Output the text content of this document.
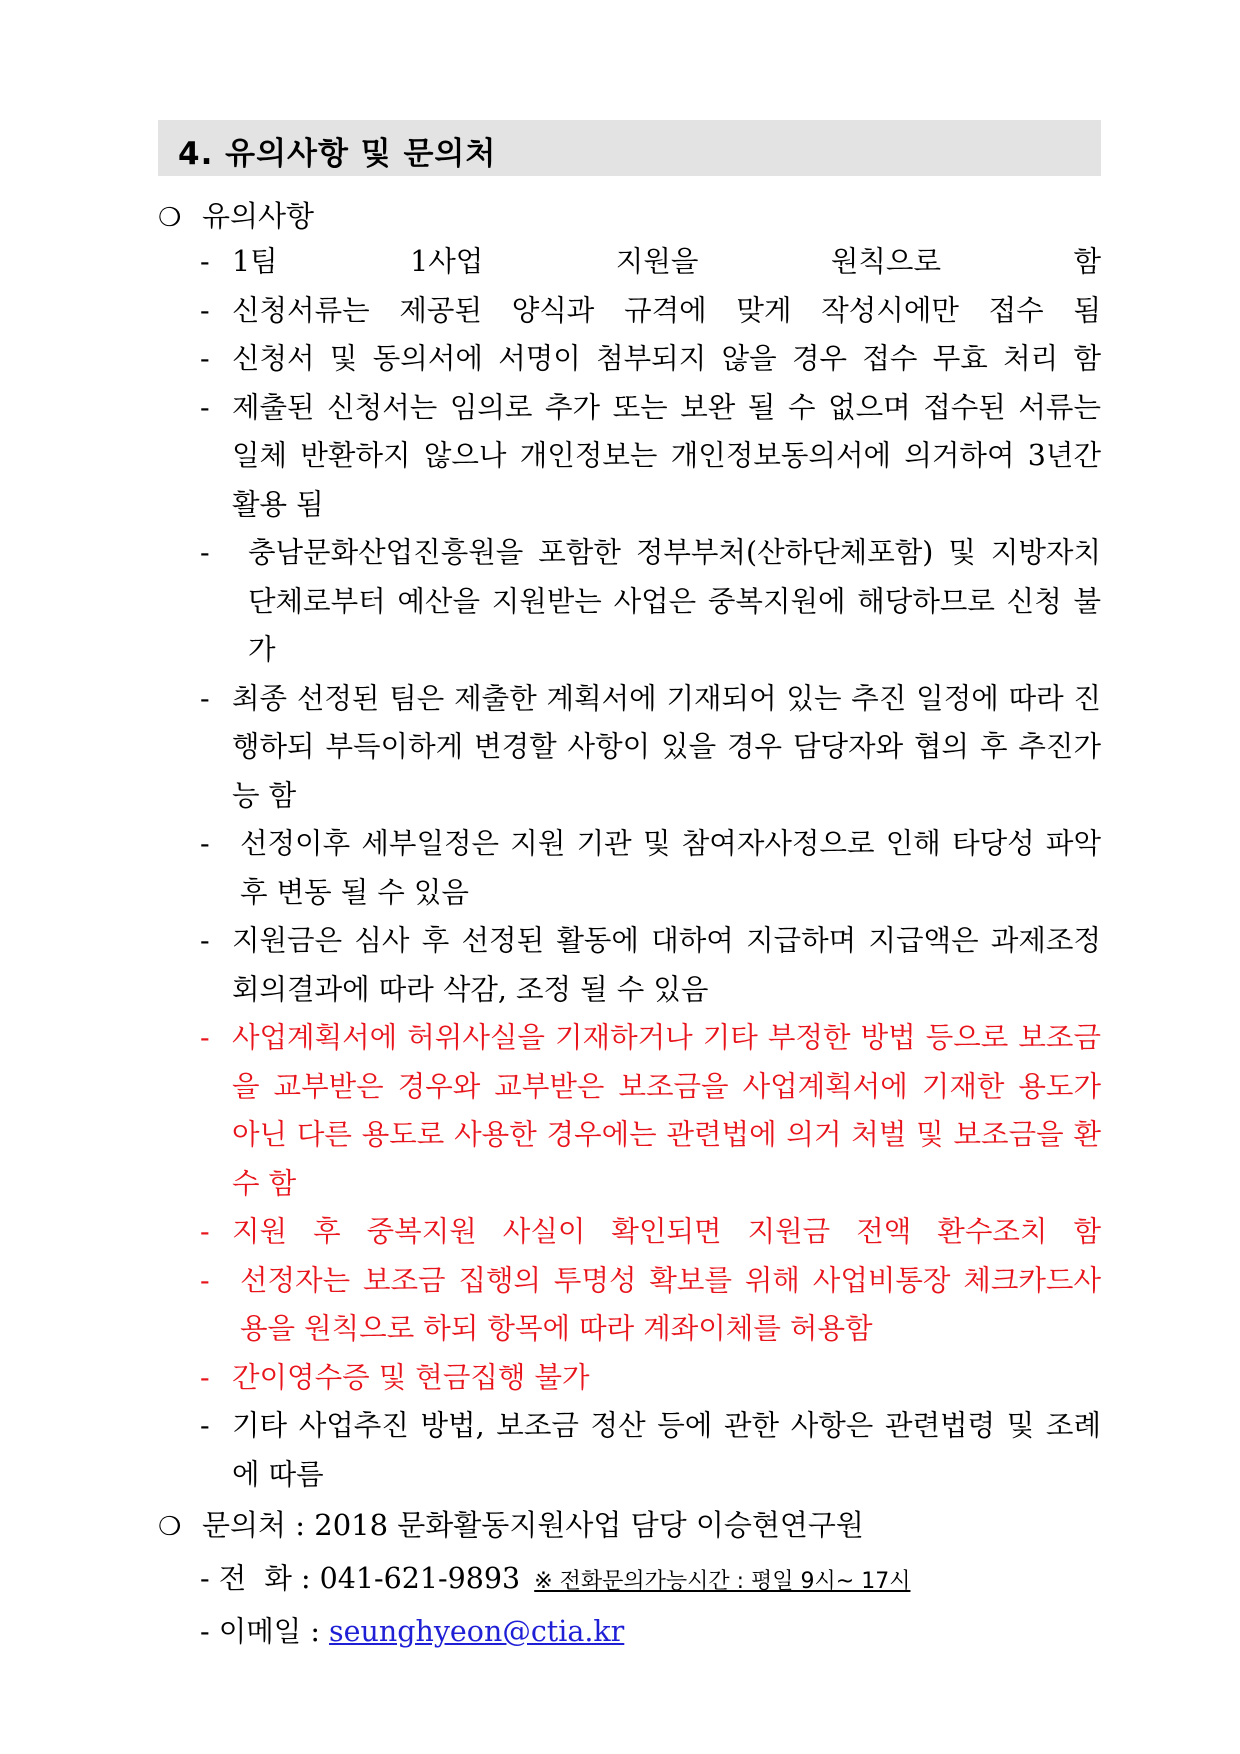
4. 유의사항 및 문의처
❍ 유의사항
- 1팀 1사업 지원을 원칙으로 함
- 신청서류는 제공된 양식과 규격에 맞게 작성시에만 접수 됨
- 신청서 및 동의서에 서명이 첨부되지 않을 경우 접수 무효 처리 함
- 제출된 신청서는 임의로 추가 또는 보완 될 수 없으며 접수된 서류는 일체 반환하지 않으나 개인정보는 개인정보동의서에 의거하여 3년간 활용 됨
- 충남문화산업진흥원을 포함한 정부부처(산하단체포함) 및 지방자치단체로부터 예산을 지원받는 사업은 중복지원에 해당하므로 신청 불가
- 최종 선정된 팀은 제출한 계획서에 기재되어 있는 추진 일정에 따라 진행하되 부득이하게 변경할 사항이 있을 경우 담당자와 협의 후 추진가능 함
- 선정이후 세부일정은 지원 기관 및 참여자사정으로 인해 타당성 파악 후 변동 될 수 있음
- 지원금은 심사 후 선정된 활동에 대하여 지급하며 지급액은 과제조정회의결과에 따라 삭감, 조정 될 수 있음
- 사업계획서에 허위사실을 기재하거나 기타 부정한 방법 등으로 보조금을 교부받은 경우와 교부받은 보조금을 사업계획서에 기재한 용도가 아닌 다른 용도로 사용한 경우에는 관련법에 의거 처벌 및 보조금을 환수 함
- 지원 후 중복지원 사실이 확인되면 지원금 전액 환수조치 함
- 선정자는 보조금 집행의 투명성 확보를 위해 사업비통장 체크카드사용을 원칙으로 하되 항목에 따라 계좌이체를 허용함
- 간이영수증 및 현금집행 불가
- 기타 사업추진 방법, 보조금 정산 등에 관한 사항은 관련법령 및 조례에 따름
❍ 문의처 : 2018 문화활동지원사업 담당 이승현연구원
- 전  화 : 041-621-9893 ※ 전화문의가능시간 : 평일 9시~ 17시
- 이메일 : seunghyeon@ctia.kr
